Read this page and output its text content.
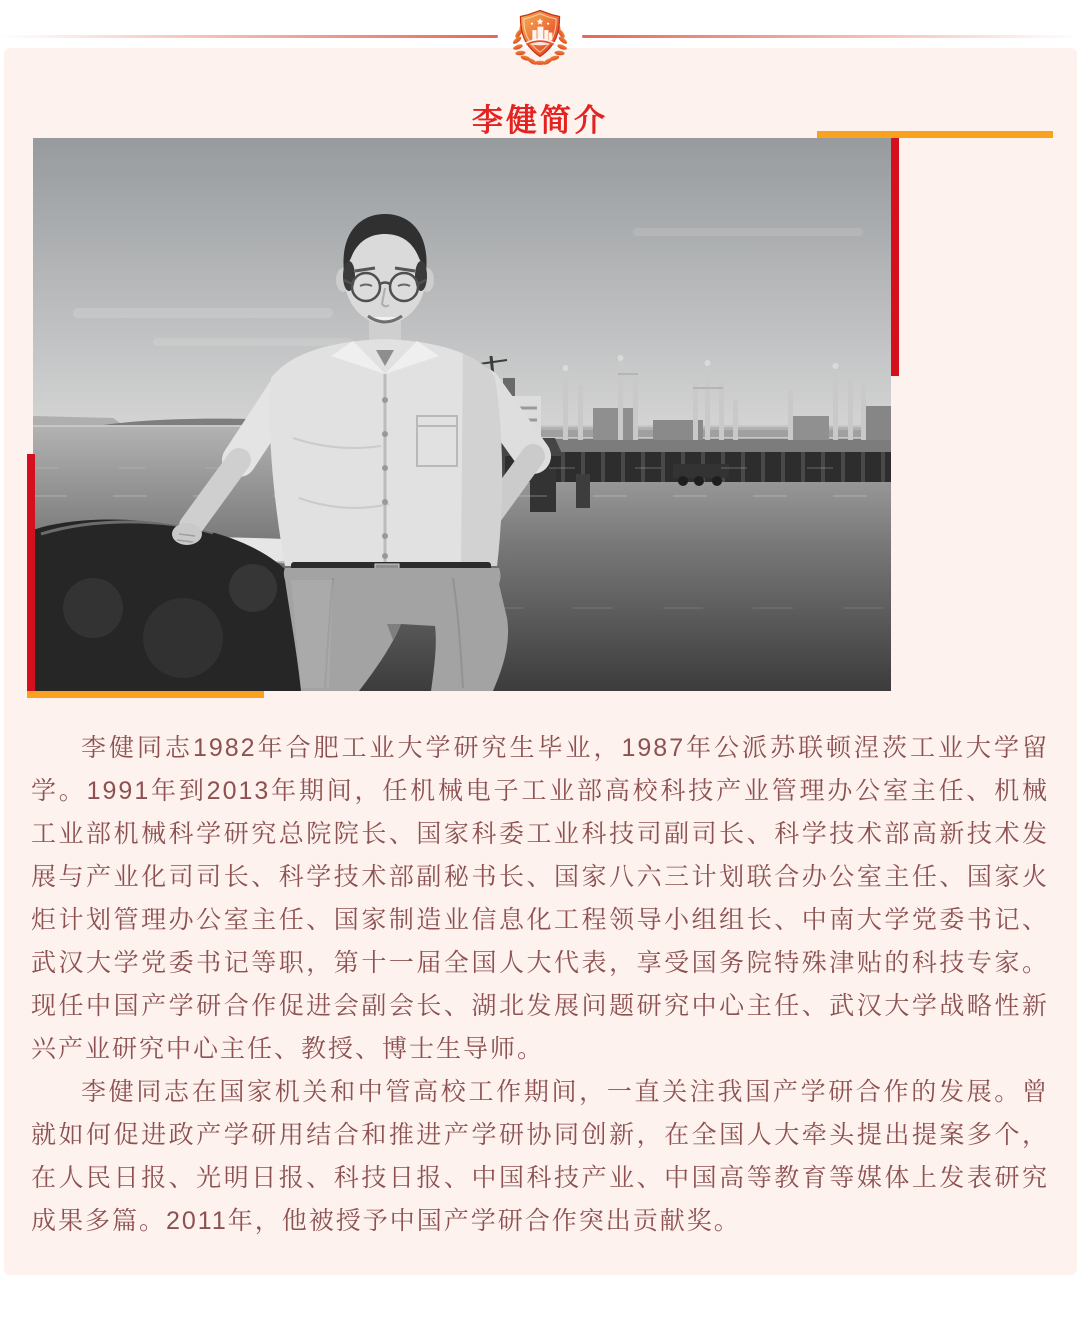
李健简介

李健同志1982年合肥工业大学研究生毕业，1987年公派苏联顿涅茨工业大学留学。1991年到2013年期间，任机械电子工业部高校科技产业管理办公室主任、机械工业部机械科学研究总院院长、国家科委工业科技司副司长、科学技术部高新技术发展与产业化司司长、科学技术部副秘书长、国家八六三计划联合办公室主任、国家火炬计划管理办公室主任、国家制造业信息化工程领导小组组长、中南大学党委书记、武汉大学党委书记等职，第十一届全国人大代表，享受国务院特殊津贴的科技专家。现任中国产学研合作促进会副会长、湖北发展问题研究中心主任、武汉大学战略性新兴产业研究中心主任、教授、博士生导师。

李健同志在国家机关和中管高校工作期间，一直关注我国产学研合作的发展。曾就如何促进政产学研用结合和推进产学研协同创新，在全国人大牵头提出提案多个，在人民日报、光明日报、科技日报、中国科技产业、中国高等教育等媒体上发表研究成果多篇。2011年，他被授予中国产学研合作突出贡献奖。
